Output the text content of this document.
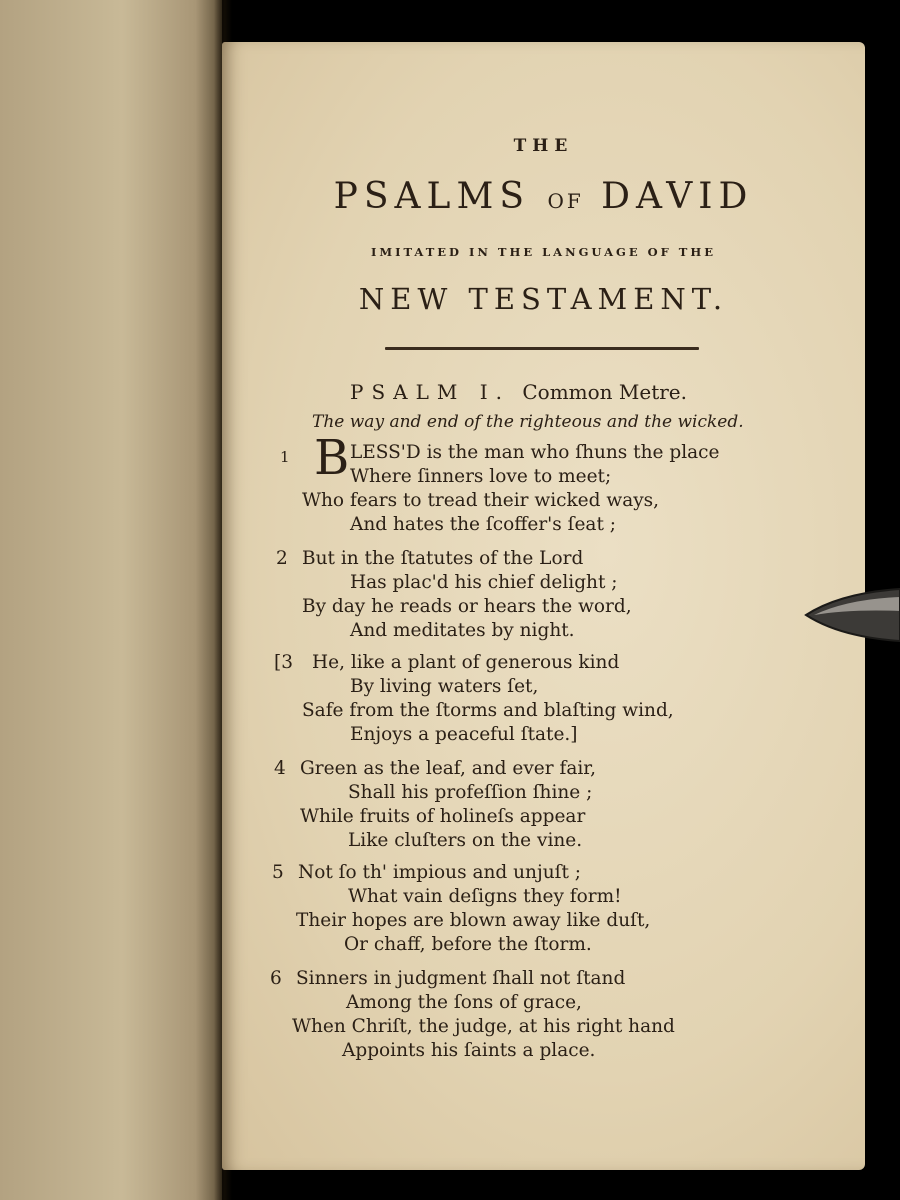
THE
PSALMS OF DAVID
IMITATED IN THE LANGUAGE OF THE
NEW TESTAMENT.
PSALM I. Common Metre.
The way and end of the righteous and the wicked.
1 B LESS'D is the man who ſhuns the place
Where ſinners love to meet;
Who fears to tread their wicked ways,
And hates the ſcoffer's ſeat ;
2 But in the ſtatutes of the Lord
Has plac'd his chief delight ;
By day he reads or hears the word,
And meditates by night.
[3 He, like a plant of generous kind
By living waters ſet,
Safe from the ſtorms and blaſting wind,
Enjoys a peaceful ſtate.]
4 Green as the leaf, and ever fair,
Shall his profeſſion ſhine ;
While fruits of holineſs appear
Like cluſters on the vine.
5 Not ſo th' impious and unjuſt ;
What vain deſigns they form!
Their hopes are blown away like duſt,
Or chaff, before the ſtorm.
6 Sinners in judgment ſhall not ſtand
Among the ſons of grace,
When Chriſt, the judge, at his right hand
Appoints his ſaints a place.
